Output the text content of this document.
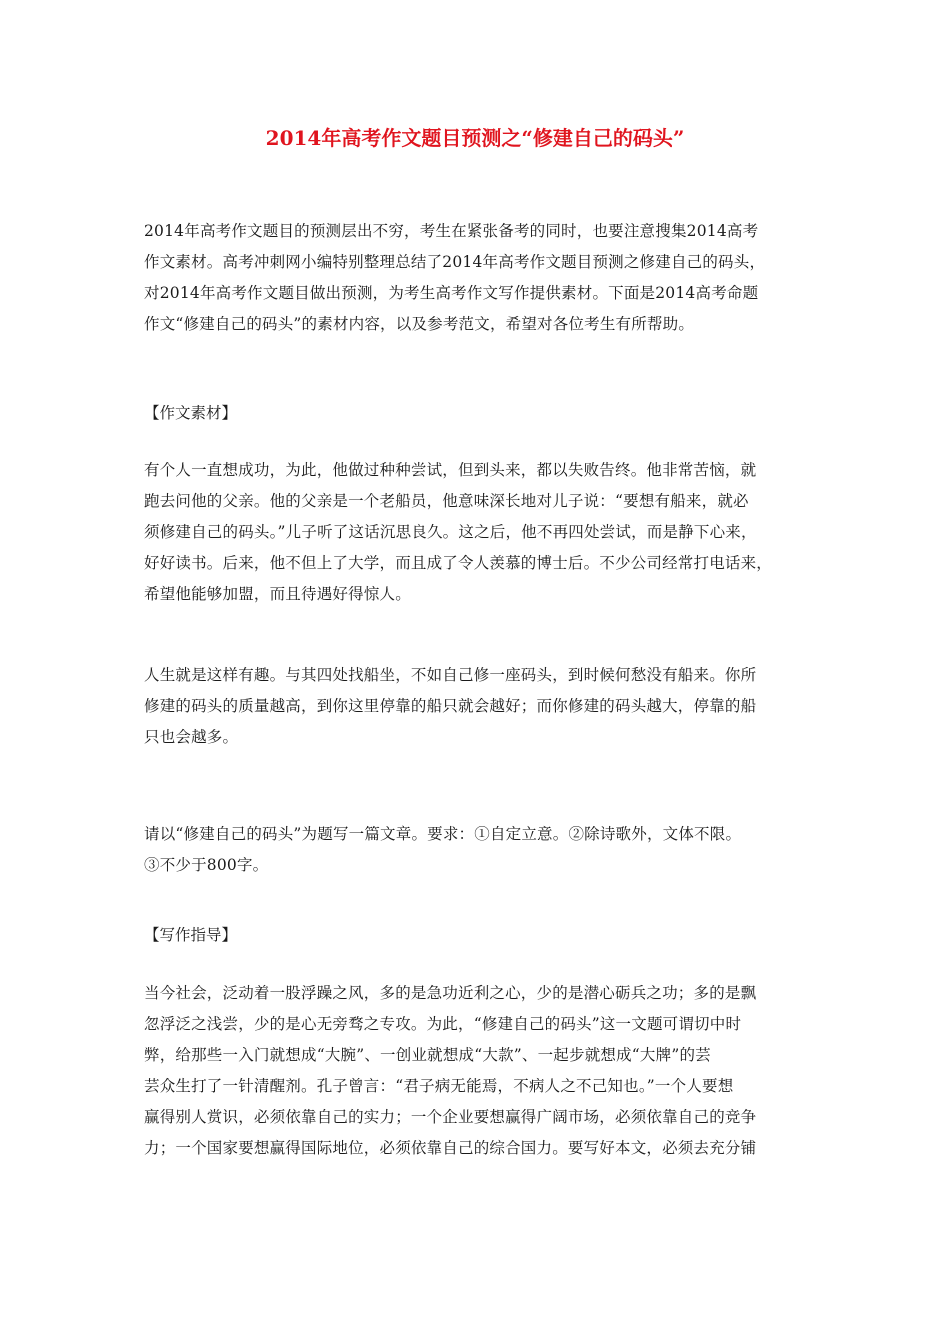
2014年高考作文题目预测之“修建自己的码头”

2014年高考作文题目的预测层出不穷，考生在紧张备考的同时，也要注意搜集2014高考
作文素材。高考冲刺网小编特别整理总结了2014年高考作文题目预测之修建自己的码头，
对2014年高考作文题目做出预测，为考生高考作文写作提供素材。下面是2014高考命题
作文“修建自己的码头”的素材内容，以及参考范文，希望对各位考生有所帮助。

【作文素材】

有个人一直想成功，为此，他做过种种尝试，但到头来，都以失败告终。他非常苦恼，就
跑去问他的父亲。他的父亲是一个老船员，他意味深长地对儿子说：“要想有船来，就必
须修建自己的码头。”儿子听了这话沉思良久。这之后，他不再四处尝试，而是静下心来，
好好读书。后来，他不但上了大学，而且成了令人羡慕的博士后。不少公司经常打电话来，
希望他能够加盟，而且待遇好得惊人。

人生就是这样有趣。与其四处找船坐，不如自己修一座码头，到时候何愁没有船来。你所
修建的码头的质量越高，到你这里停靠的船只就会越好；而你修建的码头越大，停靠的船
只也会越多。

请以“修建自己的码头”为题写一篇文章。要求：①自定立意。②除诗歌外，文体不限。
③不少于800字。

【写作指导】

当今社会，泛动着一股浮躁之风，多的是急功近利之心，少的是潜心砺兵之功；多的是飘
忽浮泛之浅尝，少的是心无旁骛之专攻。为此，“修建自己的码头”这一文题可谓切中时
弊，给那些一入门就想成“大腕”、一创业就想成“大款”、一起步就想成“大牌”的芸
芸众生打了一针清醒剂。孔子曾言：“君子病无能焉，不病人之不己知也。”一个人要想
赢得别人赏识，必须依靠自己的实力；一个企业要想赢得广阔市场，必须依靠自己的竞争
力；一个国家要想赢得国际地位，必须依靠自己的综合国力。要写好本文，必须去充分铺
